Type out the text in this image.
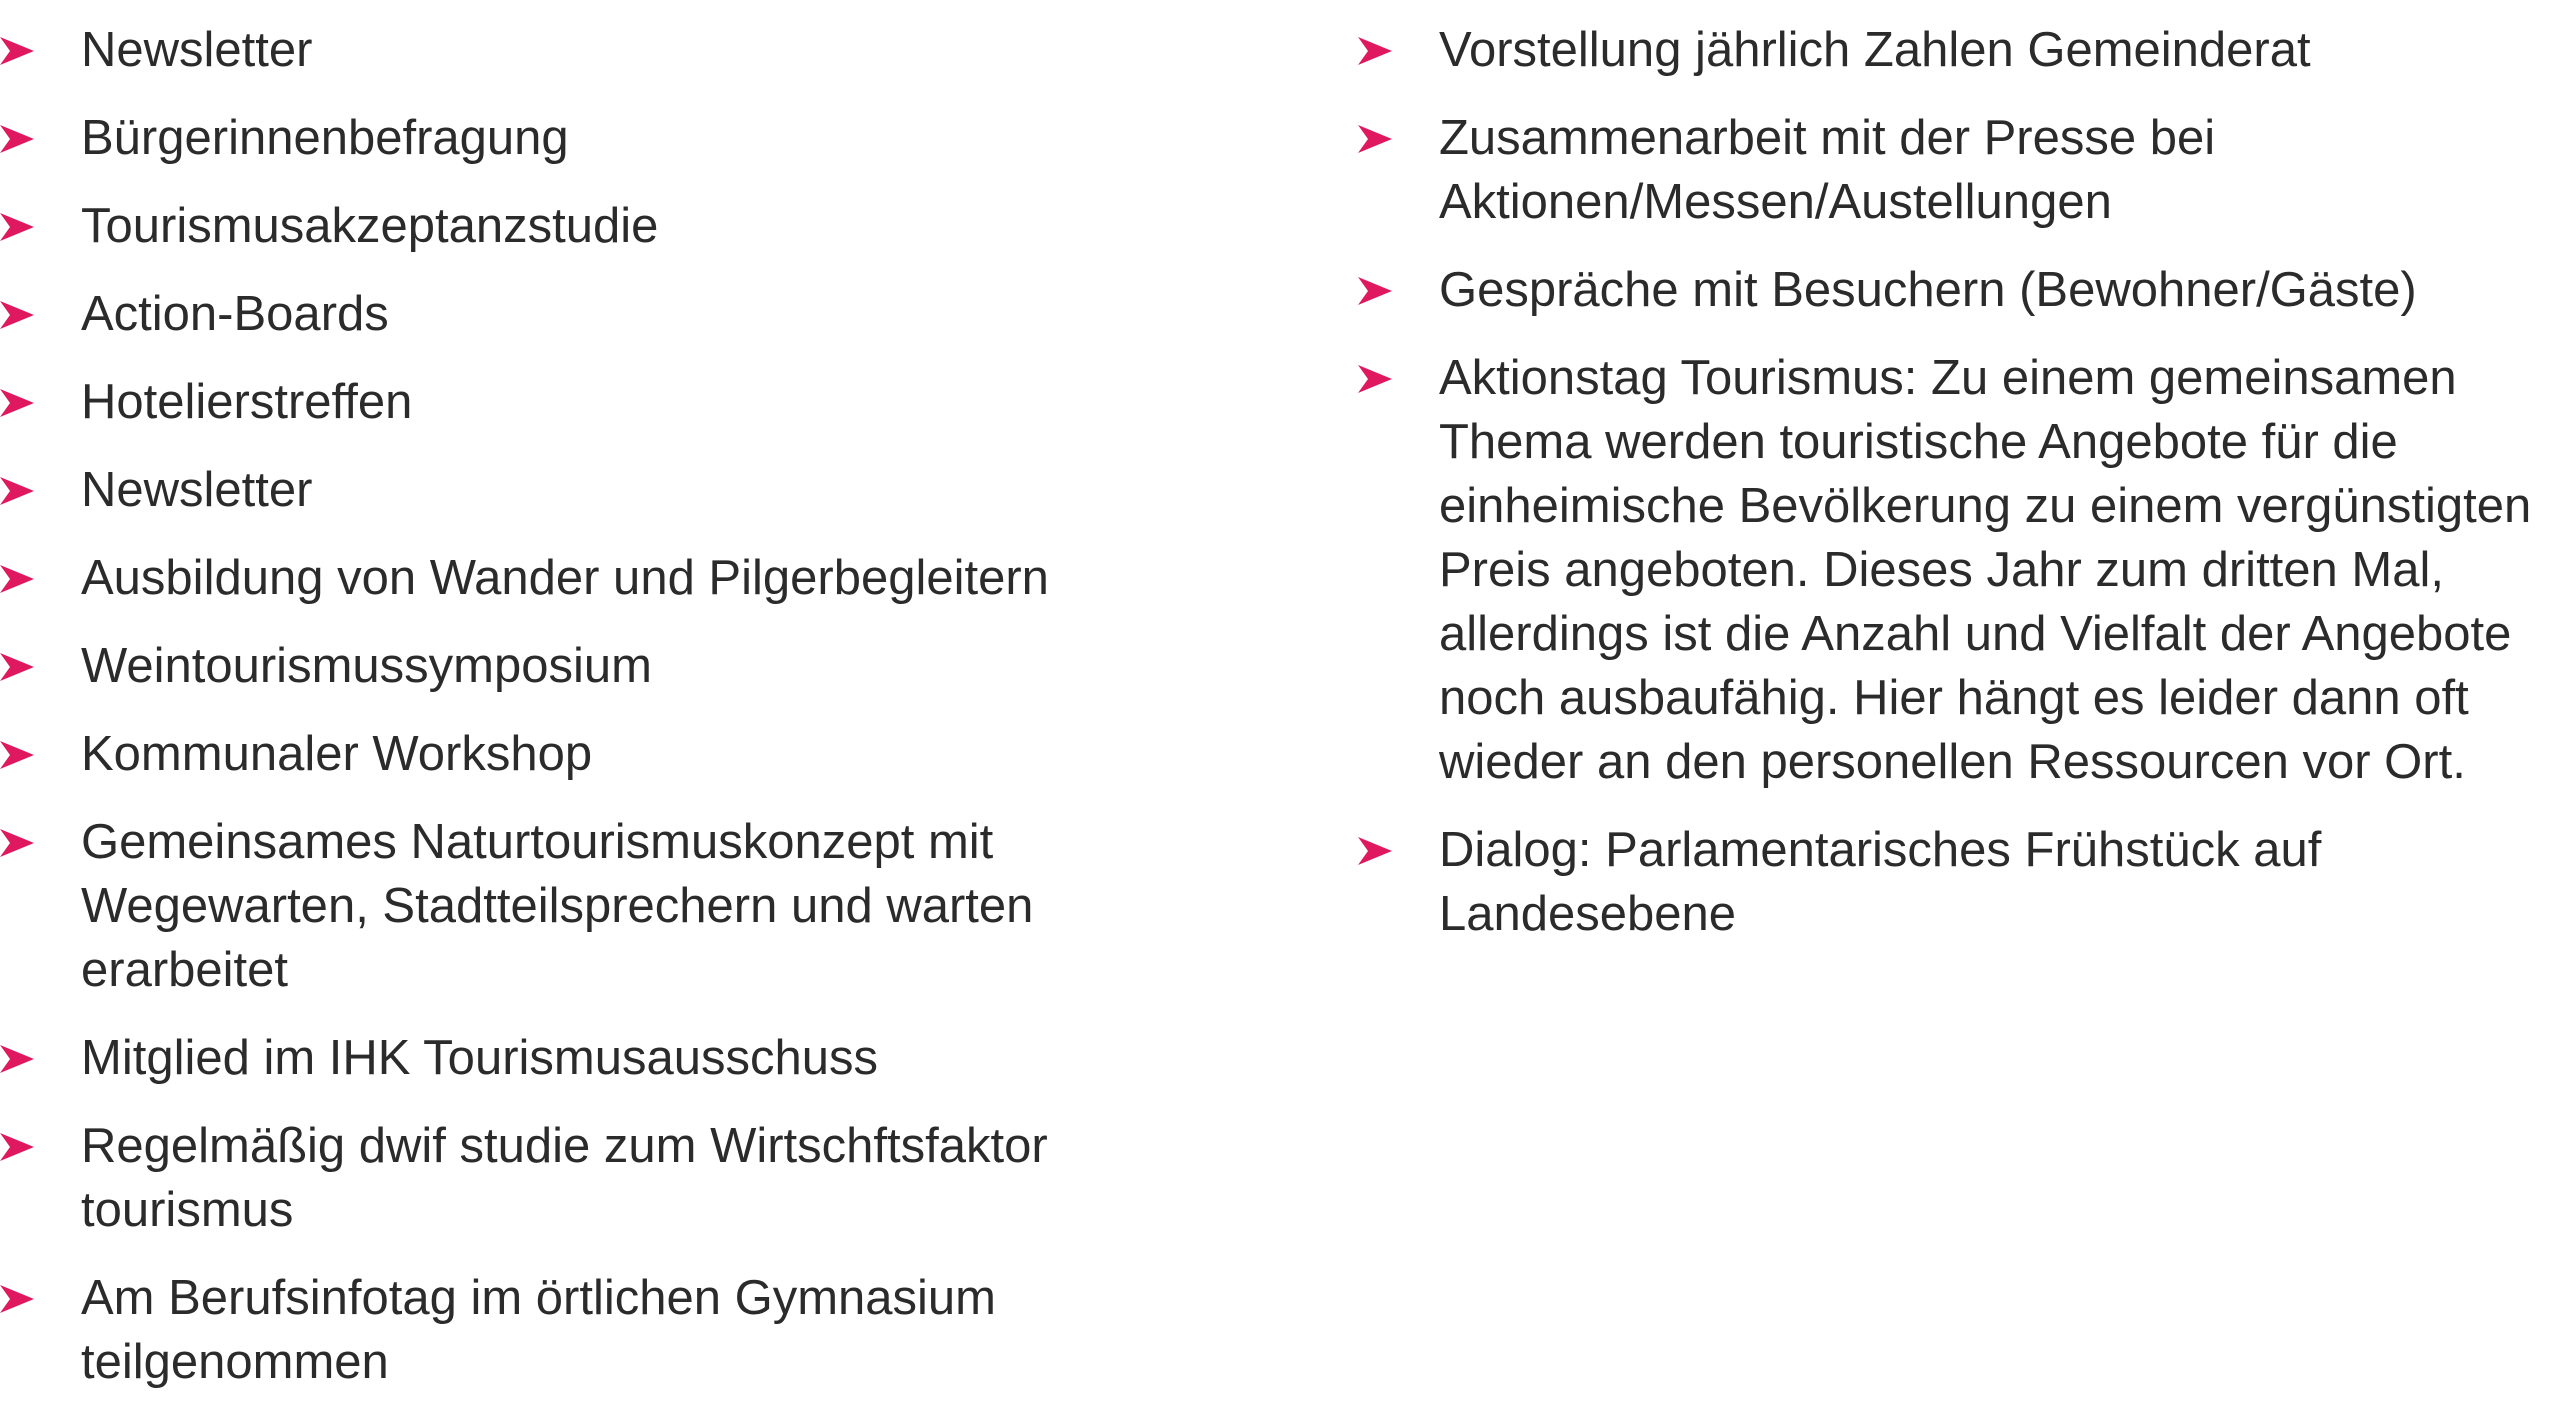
Newsletter
Bürgerinnenbefragung
Tourismusakzeptanzstudie
Action-Boards
Hotelierstreffen
Newsletter
Ausbildung von Wander und Pilgerbegleitern
Weintourismussymposium
Kommunaler Workshop
Gemeinsames Naturtourismuskonzept mit Wegewarten, Stadtteilsprechern und warten erarbeitet
Mitglied im IHK Tourismusausschuss
Regelmäßig dwif studie zum Wirtschftsfaktor tourismus
Am Berufsinfotag im örtlichen Gymnasium teilgenommen
Vorstellung jährlich Zahlen Gemeinderat
Zusammenarbeit mit der Presse bei Aktionen/Messen/Austellungen
Gespräche mit Besuchern (Bewohner/Gäste)
Aktionstag Tourismus: Zu einem gemeinsamen Thema werden touristische Angebote für die einheimische Bevölkerung zu einem vergünstigten Preis angeboten. Dieses Jahr zum dritten Mal, allerdings ist die Anzahl und Vielfalt der Angebote noch ausbaufähig. Hier hängt es leider dann oft wieder an den personellen Ressourcen vor Ort.
Dialog: Parlamentarisches Frühstück auf Landesebene
